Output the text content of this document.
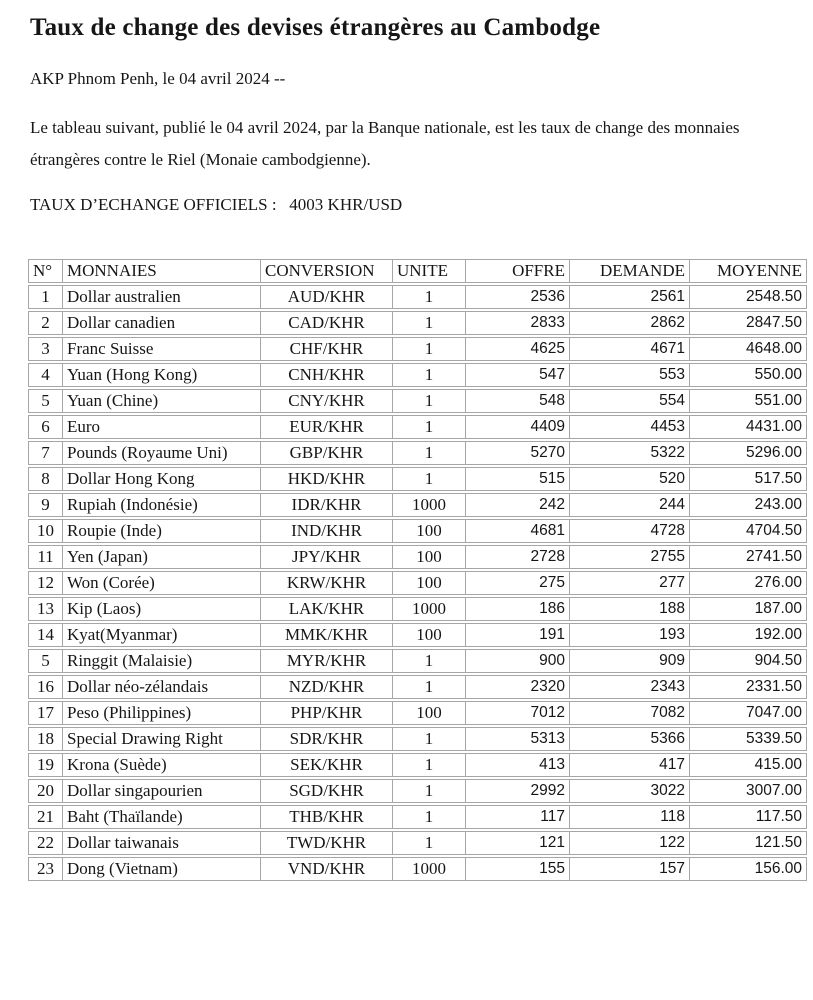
Taux de change des devises étrangères au Cambodge

AKP Phnom Penh, le 04 avril 2024 --

Le tableau suivant, publié le 04 avril 2024, par la Banque nationale, est les taux de change des monnaies étrangères contre le Riel (Monaie cambodgienne).

TAUX D’ECHANGE OFFICIELS :   4003 KHR/USD

N°	MONNAIES	CONVERSION	UNITE	OFFRE	DEMANDE	MOYENNE
1	Dollar australien	AUD/KHR	1	2536	2561	2548.50
2	Dollar canadien	CAD/KHR	1	2833	2862	2847.50
3	Franc Suisse	CHF/KHR	1	4625	4671	4648.00
4	Yuan (Hong Kong)	CNH/KHR	1	547	553	550.00
5	Yuan (Chine)	CNY/KHR	1	548	554	551.00
6	Euro	EUR/KHR	1	4409	4453	4431.00
7	Pounds (Royaume Uni)	GBP/KHR	1	5270	5322	5296.00
8	Dollar Hong Kong	HKD/KHR	1	515	520	517.50
9	Rupiah (Indonésie)	IDR/KHR	1000	242	244	243.00
10	Roupie (Inde)	IND/KHR	100	4681	4728	4704.50
11	Yen (Japan)	JPY/KHR	100	2728	2755	2741.50
12	Won (Corée)	KRW/KHR	100	275	277	276.00
13	Kip (Laos)	LAK/KHR	1000	186	188	187.00
14	Kyat(Myanmar)	MMK/KHR	100	191	193	192.00
5	Ringgit (Malaisie)	MYR/KHR	1	900	909	904.50
16	Dollar néo-zélandais	NZD/KHR	1	2320	2343	2331.50
17	Peso (Philippines)	PHP/KHR	100	7012	7082	7047.00
18	Special Drawing Right	SDR/KHR	1	5313	5366	5339.50
19	Krona (Suède)	SEK/KHR	1	413	417	415.00
20	Dollar singapourien	SGD/KHR	1	2992	3022	3007.00
21	Baht (Thaïlande)	THB/KHR	1	117	118	117.50
22	Dollar taiwanais	TWD/KHR	1	121	122	121.50
23	Dong (Vietnam)	VND/KHR	1000	155	157	156.00
